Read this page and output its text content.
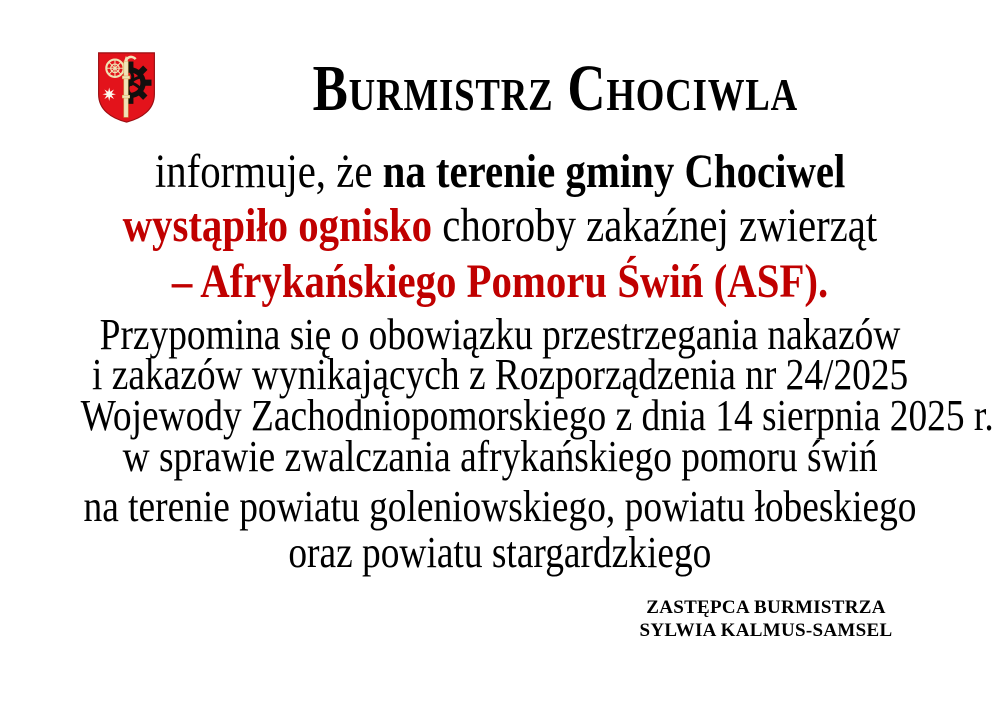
Burmistrz Chociwla
informuje, że na terenie gminy Chociwel
wystąpiło ognisko choroby zakaźnej zwierząt
– Afrykańskiego Pomoru Świń (ASF).
Przypomina się o obowiązku przestrzegania nakazów
i zakazów wynikających z Rozporządzenia nr 24/2025
Wojewody Zachodniopomorskiego z dnia 14 sierpnia 2025 r.
w sprawie zwalczania afrykańskiego pomoru świń
na terenie powiatu goleniowskiego, powiatu łobeskiego
oraz powiatu stargardzkiego
ZASTĘPCA BURMISTRZA
SYLWIA KALMUS-SAMSEL
